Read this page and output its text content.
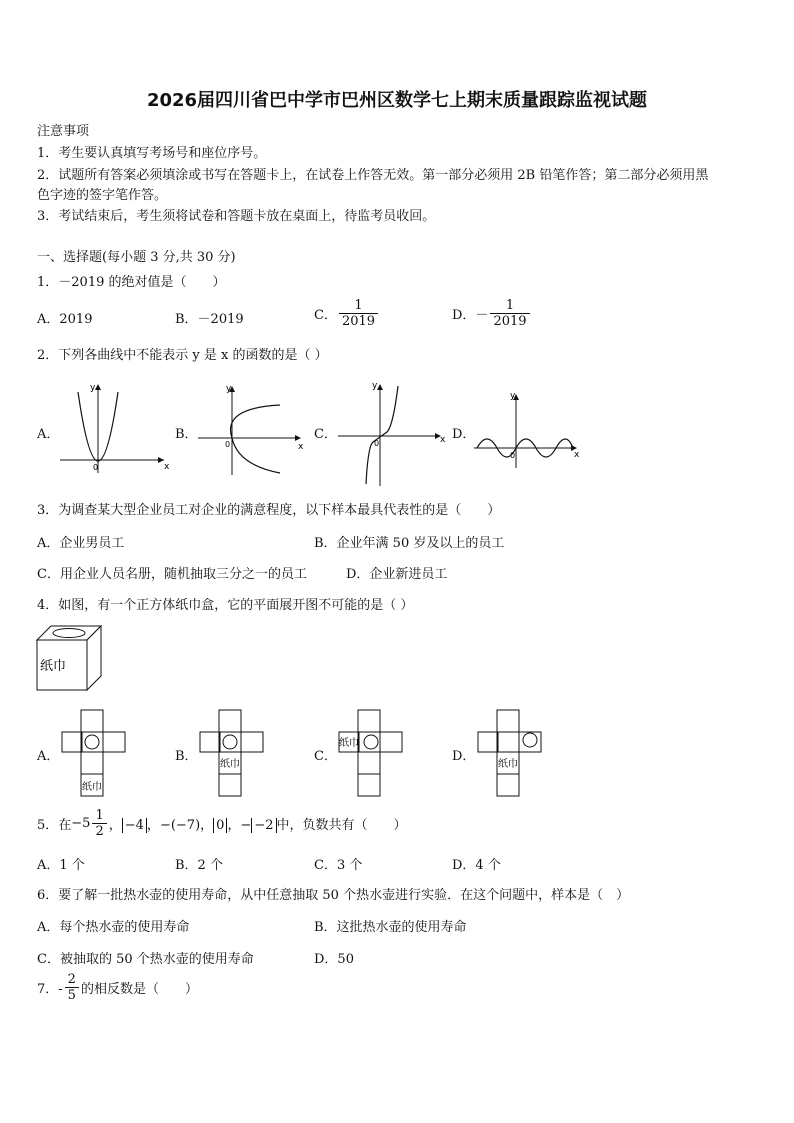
2026届四川省巴中学市巴州区数学七上期末质量跟踪监视试题
注意事项
1．考生要认真填写考场号和座位序号。
2．试题所有答案必须填涂或书写在答题卡上，在试卷上作答无效。第一部分必须用 2B 铅笔作答；第二部分必须用黑
色字迹的签字笔作答。
3．考试结束后，考生须将试卷和答题卡放在桌面上，待监考员收回。
一、选择题(每小题 3 分,共 30 分)
1．－2019 的绝对值是（　　）
A．2019	B．－2019	C． $\frac{1}{2019}$	D．－ $\frac{1}{2019}$
2．下列各曲线中不能表示 y 是 x 的函数的是（ ）
A．	B．	C．	D．
x
y
0
x
y
0	x
y
0
x
y
0
3．为调查某大型企业员工对企业的满意程度，以下样本最具代表性的是（　　）
A．企业男员工	B．企业年满 50 岁及以上的员工
C．用企业人员名册，随机抽取三分之一的员工	D．企业新进员工
4．如图，有一个正方体纸巾盒，它的平面展开图不可能的是（ ）
纸巾
A．	B．	C．	D．
纸巾
纸巾
纸巾
纸巾
5．在$-5 \frac{1}{2}$ ， −4 ，−(−7)， 0 ，− −2 中，负数共有（　　）
A．1 个	B．2 个	C．3 个	D．4 个
6．要了解一批热水壶的使用寿命，从中任意抽取 50 个热水壶进行实验．在这个问题中，样本是（　）
A．每个热水壶的使用寿命	B．这批热水壶的使用寿命
C．被抽取的 50 个热水壶的使用寿命	D．50
7．- $\frac{2}{5}$ 的相反数是（　　）
